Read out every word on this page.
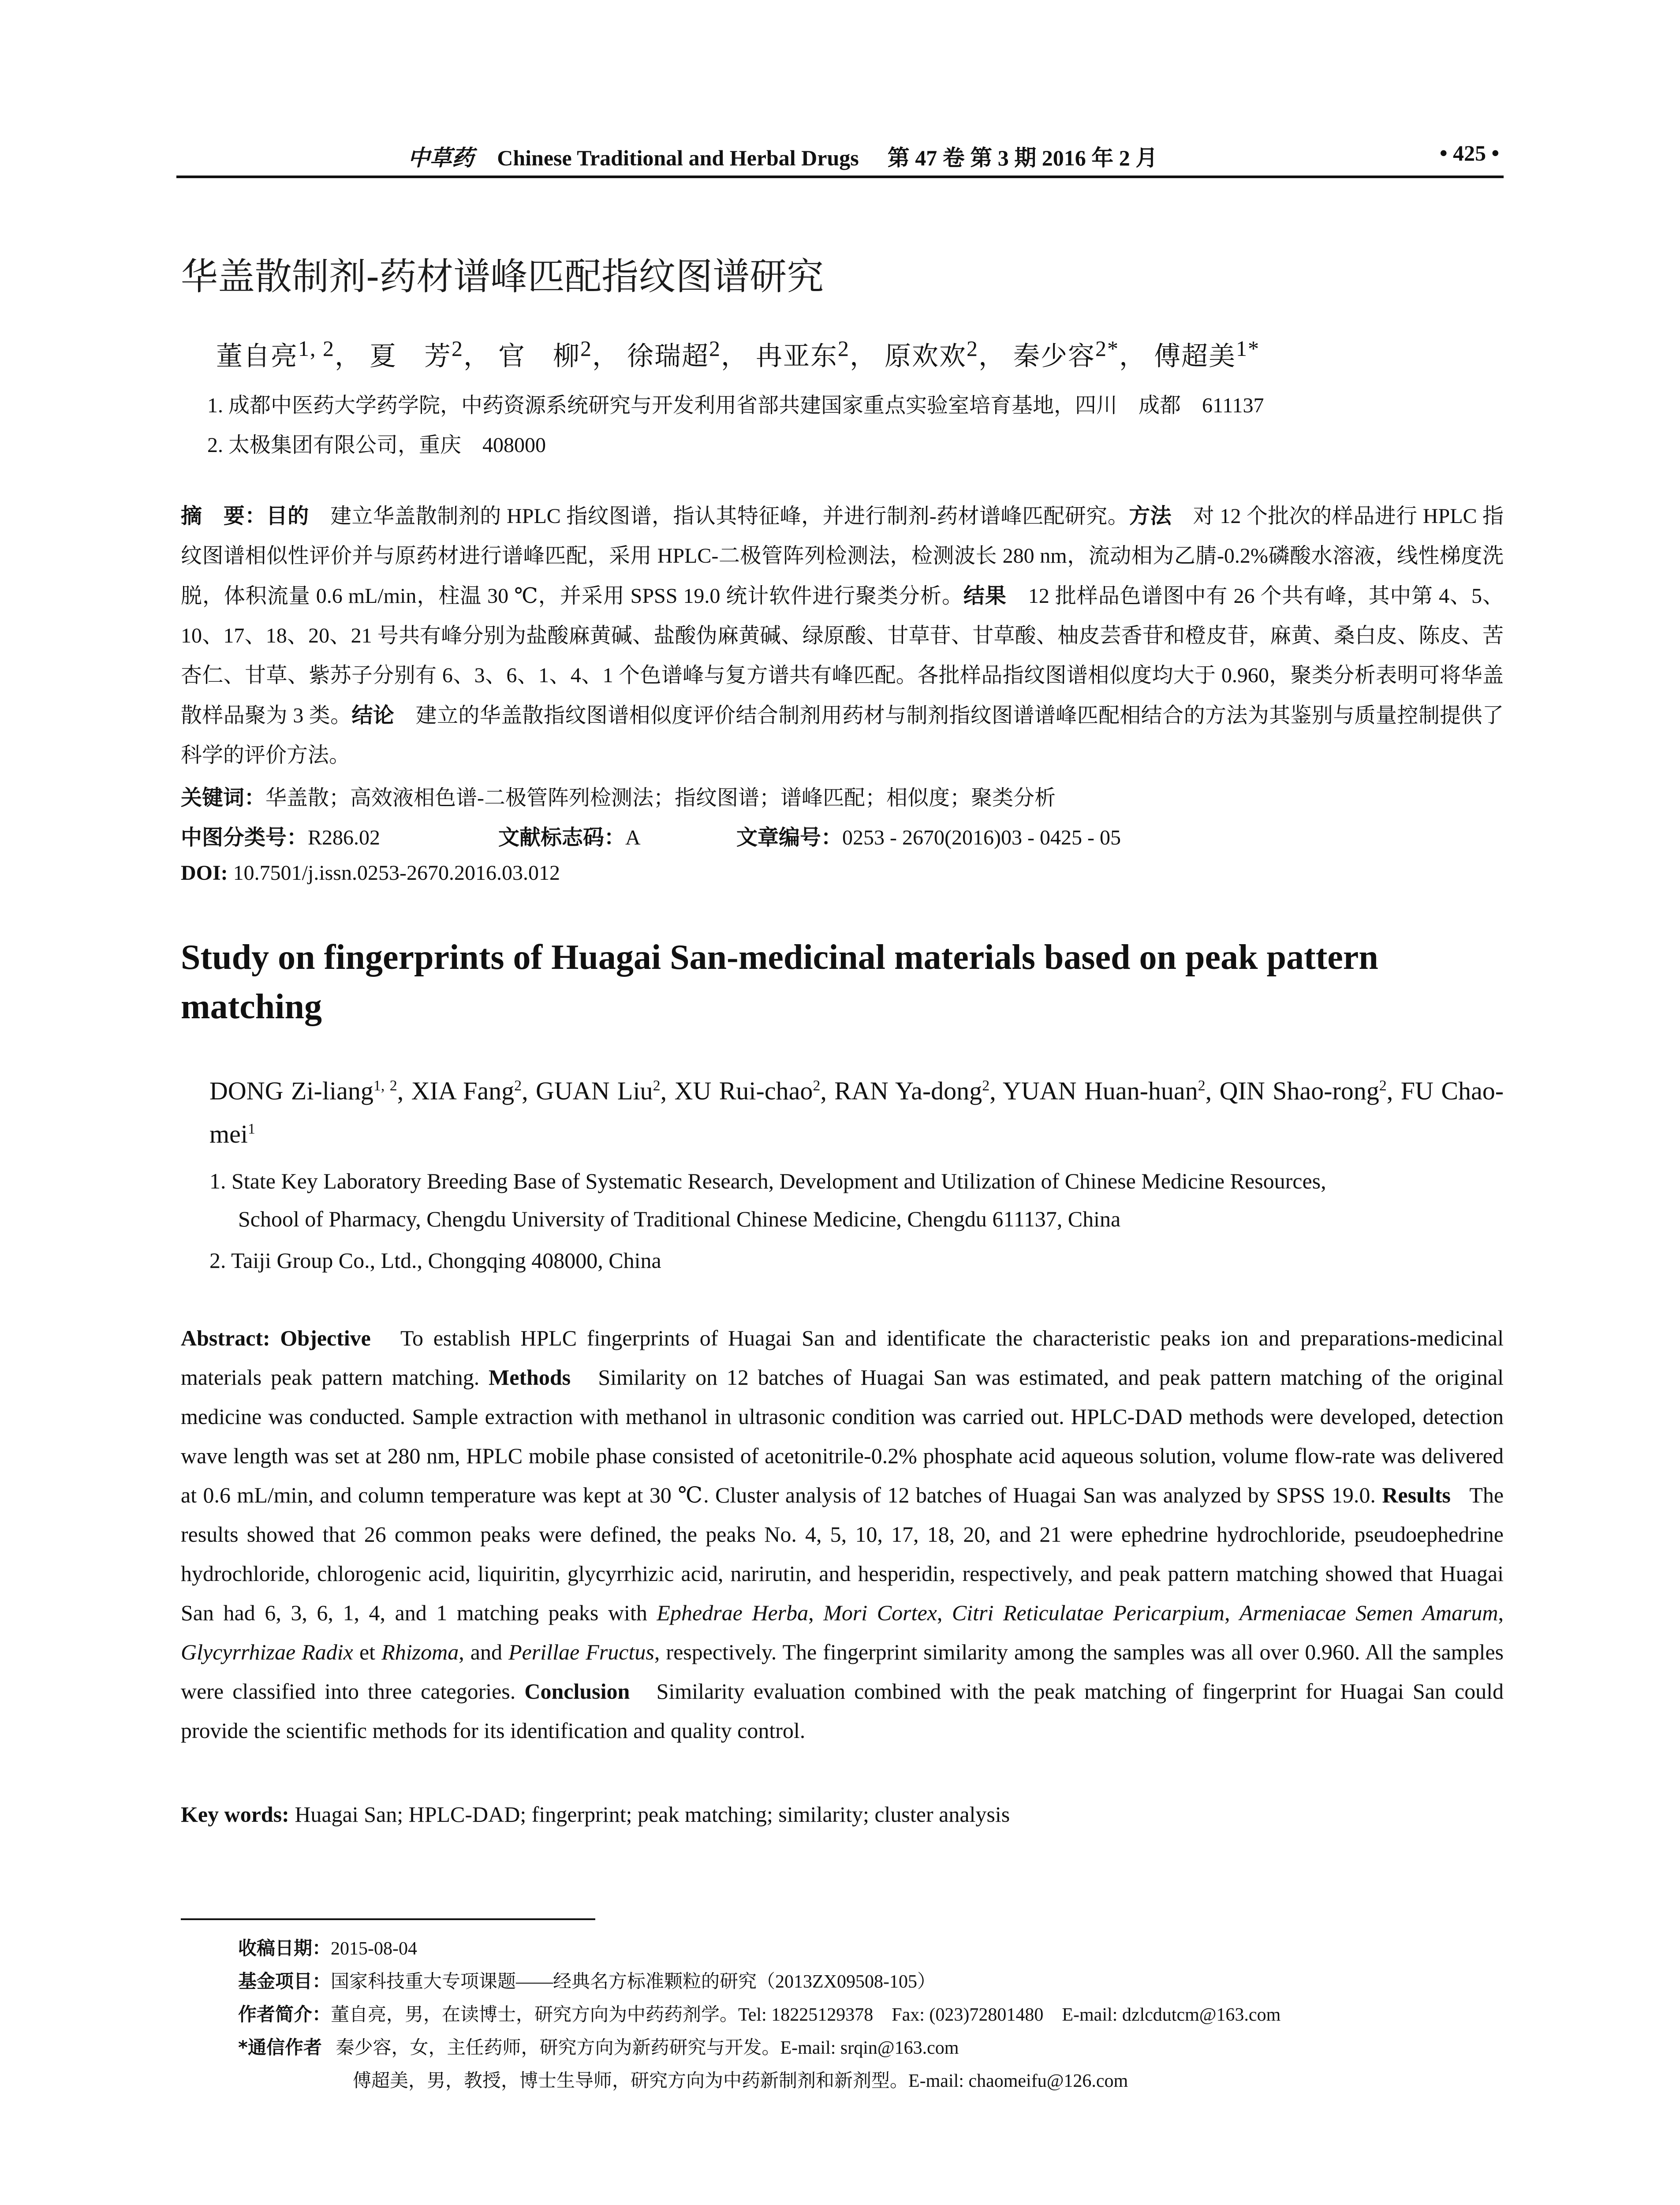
中草药 Chinese Traditional and Herbal Drugs 第 47 卷 第 3 期 2016 年 2 月	• 425 •
华盖散制剂-药材谱峰匹配指纹图谱研究
董自亮$^{1, 2}$， 夏　芳$^2$， 官　柳$^2$， 徐瑞超$^2$， 冉亚东$^2$， 原欢欢$^2$， 秦少容$^{2*}$， 傅超美$^{1*}$
1. 成都中医药大学药学院，中药资源系统研究与开发利用省部共建国家重点实验室培育基地，四川　成都　611137
2. 太极集团有限公司，重庆　408000
摘　要：目的　建立华盖散制剂的 HPLC 指纹图谱，指认其特征峰，并进行制剂-药材谱峰匹配研究。方法　对 12 个批次的样品进行 HPLC 指纹图谱相似性评价并与原药材进行谱峰匹配，采用 HPLC-二极管阵列检测法，检测波长 280 nm，流动相为乙腈-0.2%磷酸水溶液，线性梯度洗脱，体积流量 0.6 mL/min，柱温 30 ℃，并采用 SPSS 19.0 统计软件进行聚类分析。结果　12 批样品色谱图中有 26 个共有峰，其中第 4、5、10、17、18、20、21 号共有峰分别为盐酸麻黄碱、盐酸伪麻黄碱、绿原酸、甘草苷、甘草酸、柚皮芸香苷和橙皮苷，麻黄、桑白皮、陈皮、苦杏仁、甘草、紫苏子分别有 6、3、6、1、4、1 个色谱峰与复方谱共有峰匹配。各批样品指纹图谱相似度均大于 0.960，聚类分析表明可将华盖散样品聚为 3 类。结论　建立的华盖散指纹图谱相似度评价结合制剂用药材与制剂指纹图谱谱峰匹配相结合的方法为其鉴别与质量控制提供了科学的评价方法。
关键词：华盖散；高效液相色谱-二极管阵列检测法；指纹图谱；谱峰匹配；相似度；聚类分析
中图分类号：R286.02	文献标志码：A	文章编号：0253 - 2670(2016)03 - 0425 - 05
DOI: 10.7501/j.issn.0253-2670.2016.03.012
Study on fingerprints of Huagai San-medicinal materials based on peak pattern matching
DONG Zi-liang$^{1, 2}$, XIA Fang$^2$, GUAN Liu$^2$, XU Rui-chao$^2$, RAN Ya-dong$^2$, YUAN Huan-huan$^2$, QIN Shao-rong$^2$, FU Chao-mei$^1$
1. State Key Laboratory Breeding Base of Systematic Research, Development and Utilization of Chinese Medicine Resources,
School of Pharmacy, Chengdu University of Traditional Chinese Medicine, Chengdu 611137, China
2. Taiji Group Co., Ltd., Chongqing 408000, China
Abstract: Objective To establish HPLC fingerprints of Huagai San and identificate the characteristic peaks ion and preparations-medicinal materials peak pattern matching. Methods Similarity on 12 batches of Huagai San was estimated, and peak pattern matching of the original medicine was conducted. Sample extraction with methanol in ultrasonic condition was carried out. HPLC-DAD methods were developed, detection wave length was set at 280 nm, HPLC mobile phase consisted of acetonitrile-0.2% phosphate acid aqueous solution, volume flow-rate was delivered at 0.6 mL/min, and column temperature was kept at 30 ℃. Cluster analysis of 12 batches of Huagai San was analyzed by SPSS 19.0. Results The results showed that 26 common peaks were defined, the peaks No. 4, 5, 10, 17, 18, 20, and 21 were ephedrine hydrochloride, pseudoephedrine hydrochloride, chlorogenic acid, liquiritin, glycyrrhizic acid, narirutin, and hesperidin, respectively, and peak pattern matching showed that Huagai San had 6, 3, 6, 1, 4, and 1 matching peaks with Ephedrae Herba, Mori Cortex, Citri Reticulatae Pericarpium, Armeniacae Semen Amarum, Glycyrrhizae Radix et Rhizoma, and Perillae Fructus, respectively. The fingerprint similarity among the samples was all over 0.960. All the samples were classified into three categories. Conclusion Similarity evaluation combined with the peak matching of fingerprint for Huagai San could provide the scientific methods for its identification and quality control.
Key words: Huagai San; HPLC-DAD; fingerprint; peak matching; similarity; cluster analysis
收稿日期：2015-08-04
基金项目：国家科技重大专项课题——经典名方标准颗粒的研究（2013ZX09508-105）
作者简介：董自亮，男，在读博士，研究方向为中药药剂学。Tel: 18225129378　Fax: (023)72801480　E-mail: dzlcdutcm@163.com
*通信作者 秦少容，女，主任药师，研究方向为新药研究与开发。E-mail: srqin@163.com
傅超美，男，教授，博士生导师，研究方向为中药新制剂和新剂型。E-mail: chaomeifu@126.com
